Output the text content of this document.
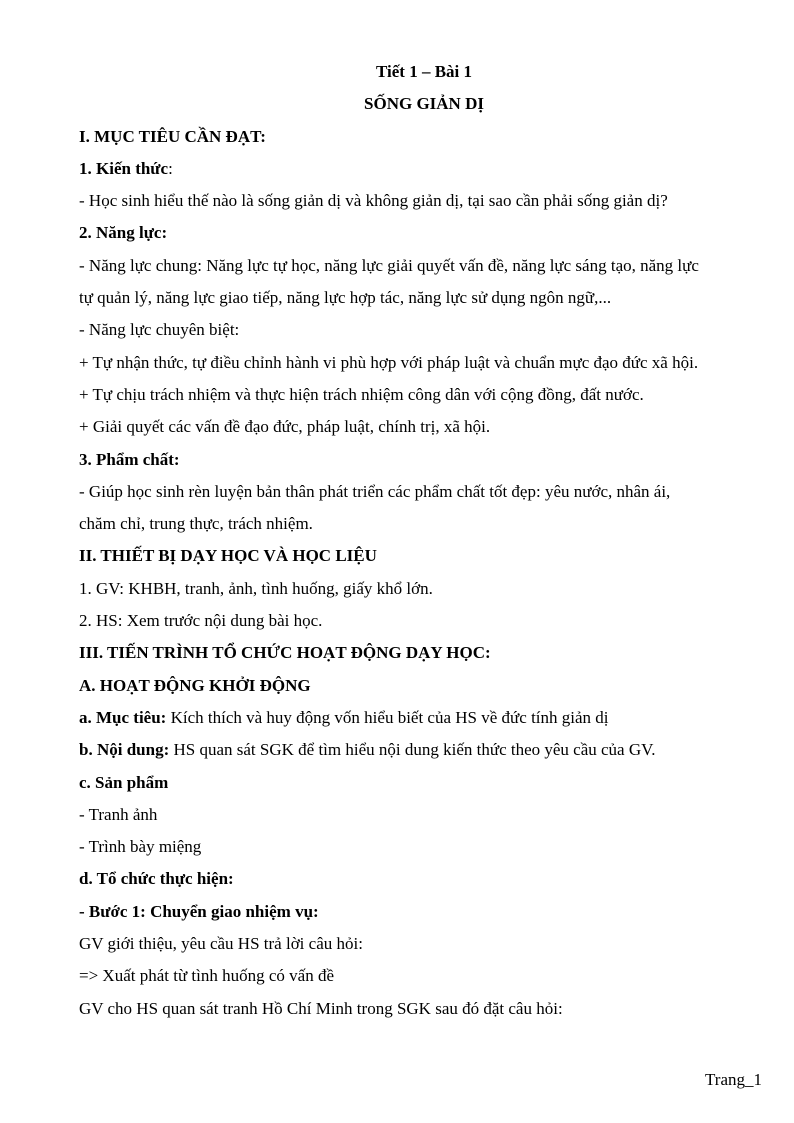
Tiết 1 – Bài 1
SỐNG GIẢN DỊ
I. MỤC TIÊU CẦN ĐẠT:
1. Kiến thức:
- Học sinh hiểu thế nào là sống giản dị và không giản dị, tại sao cần phải sống giản dị?
2. Năng lực:
- Năng lực chung: Năng lực tự học, năng lực giải quyết vấn đề, năng lực sáng tạo, năng lực
tự quản lý, năng lực giao tiếp, năng lực hợp tác, năng lực sử dụng ngôn ngữ,...
- Năng lực chuyên biệt:
+ Tự nhận thức, tự điều chỉnh hành vi phù hợp với pháp luật và chuẩn mực đạo đức xã hội.
+ Tự chịu trách nhiệm và thực hiện trách nhiệm công dân với cộng đồng, đất nước.
+ Giải quyết các vấn đề đạo đức, pháp luật, chính trị, xã hội.
3. Phẩm chất:
- Giúp học sinh rèn luyện bản thân phát triển các phẩm chất tốt đẹp: yêu nước, nhân ái,
chăm chỉ, trung thực, trách nhiệm.
II. THIẾT BỊ DẠY HỌC VÀ HỌC LIỆU
1. GV: KHBH, tranh, ảnh, tình huống, giấy khổ lớn.
2. HS: Xem trước nội dung bài học.
III. TIẾN TRÌNH TỔ CHỨC HOẠT ĐỘNG DẠY HỌC:
A. HOẠT ĐỘNG KHỞI ĐỘNG
a. Mục tiêu: Kích thích và huy động vốn hiểu biết của HS về đức tính giản dị
b. Nội dung: HS quan sát SGK để tìm hiểu nội dung kiến thức theo yêu cầu của GV.
c. Sản phẩm
- Tranh ảnh
- Trình bày miệng
d. Tổ chức thực hiện:
- Bước 1: Chuyển giao nhiệm vụ:
GV giới thiệu, yêu cầu HS trả lời câu hỏi:
=> Xuất phát từ tình huống có vấn đề
GV cho HS quan sát tranh Hồ Chí Minh trong SGK sau đó đặt câu hỏi:
Trang_1
